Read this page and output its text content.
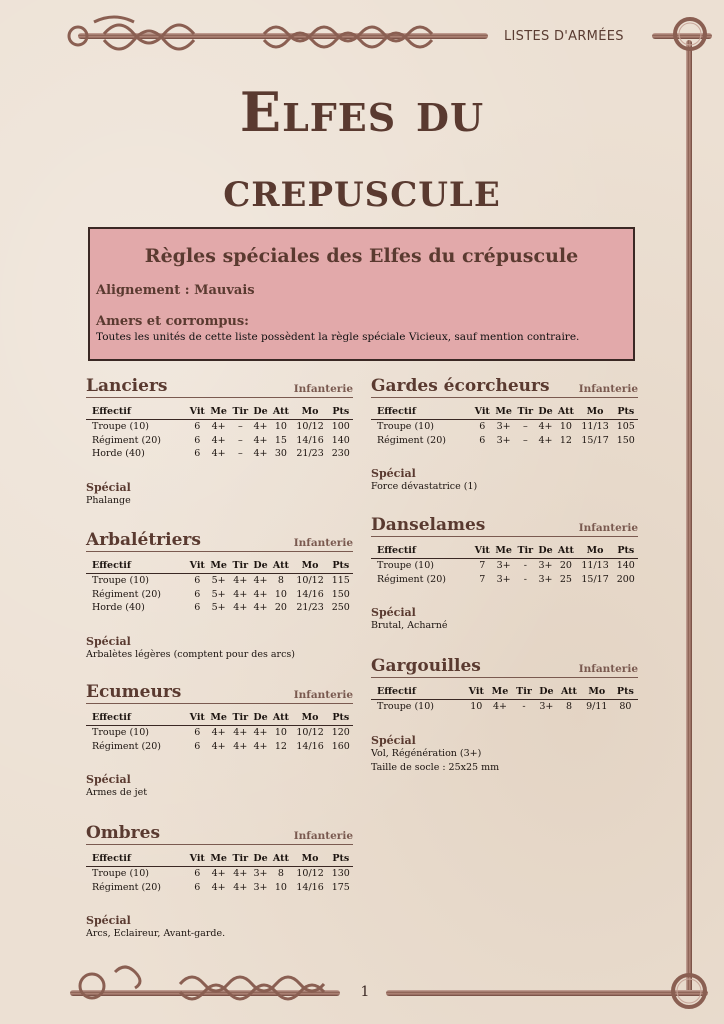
LISTES D'ARMÉES
Elfes du
crepuscule
Règles spéciales des Elfes du crépuscule
Alignement : Mauvais
Amers et corrompus:
Toutes les unités de cette liste possèdent la règle spéciale Vicieux, sauf mention contraire.
Lanciers	Infanterie
Effectif	Vit	Me	Tir	De	Att	Mo	Pts
Troupe (10)	6	4+	–	4+	10	10/12	100
Régiment (20)	6	4+	–	4+	15	14/16	140
Horde (40)	6	4+	–	4+	30	21/23	230
Spécial
Phalange
Arbalétriers	Infanterie
Effectif	Vit	Me	Tir	De	Att	Mo	Pts
Troupe (10)	6	5+	4+	4+	8	10/12	115
Régiment (20)	6	5+	4+	4+	10	14/16	150
Horde (40)	6	5+	4+	4+	20	21/23	250
Spécial
Arbalètes légères (comptent pour des arcs)
Ecumeurs	Infanterie
Effectif	Vit	Me	Tir	De	Att	Mo	Pts
Troupe (10)	6	4+	4+	4+	10	10/12	120
Régiment (20)	6	4+	4+	4+	12	14/16	160
Spécial
Armes de jet
Ombres	Infanterie
Effectif	Vit	Me	Tir	De	Att	Mo	Pts
Troupe (10)	6	4+	4+	3+	8	10/12	130
Régiment (20)	6	4+	4+	3+	10	14/16	175
Spécial
Arcs, Eclaireur, Avant-garde.
Gardes écorcheurs	Infanterie
Effectif	Vit	Me	Tir	De	Att	Mo	Pts
Troupe (10)	6	3+	–	4+	10	11/13	105
Régiment (20)	6	3+	–	4+	12	15/17	150
Spécial
Force dévastatrice (1)
Danselames	Infanterie
Effectif	Vit	Me	Tir	De	Att	Mo	Pts
Troupe (10)	7	3+	-	3+	20	11/13	140
Régiment (20)	7	3+	-	3+	25	15/17	200
Spécial
Brutal, Acharné
Gargouilles	Infanterie
Effectif	Vit	Me	Tir	De	Att	Mo	Pts
Troupe (10)	10	4+	-	3+	8	9/11	80
Spécial
Vol, Régénération (3+)
Taille de socle : 25x25 mm
1
